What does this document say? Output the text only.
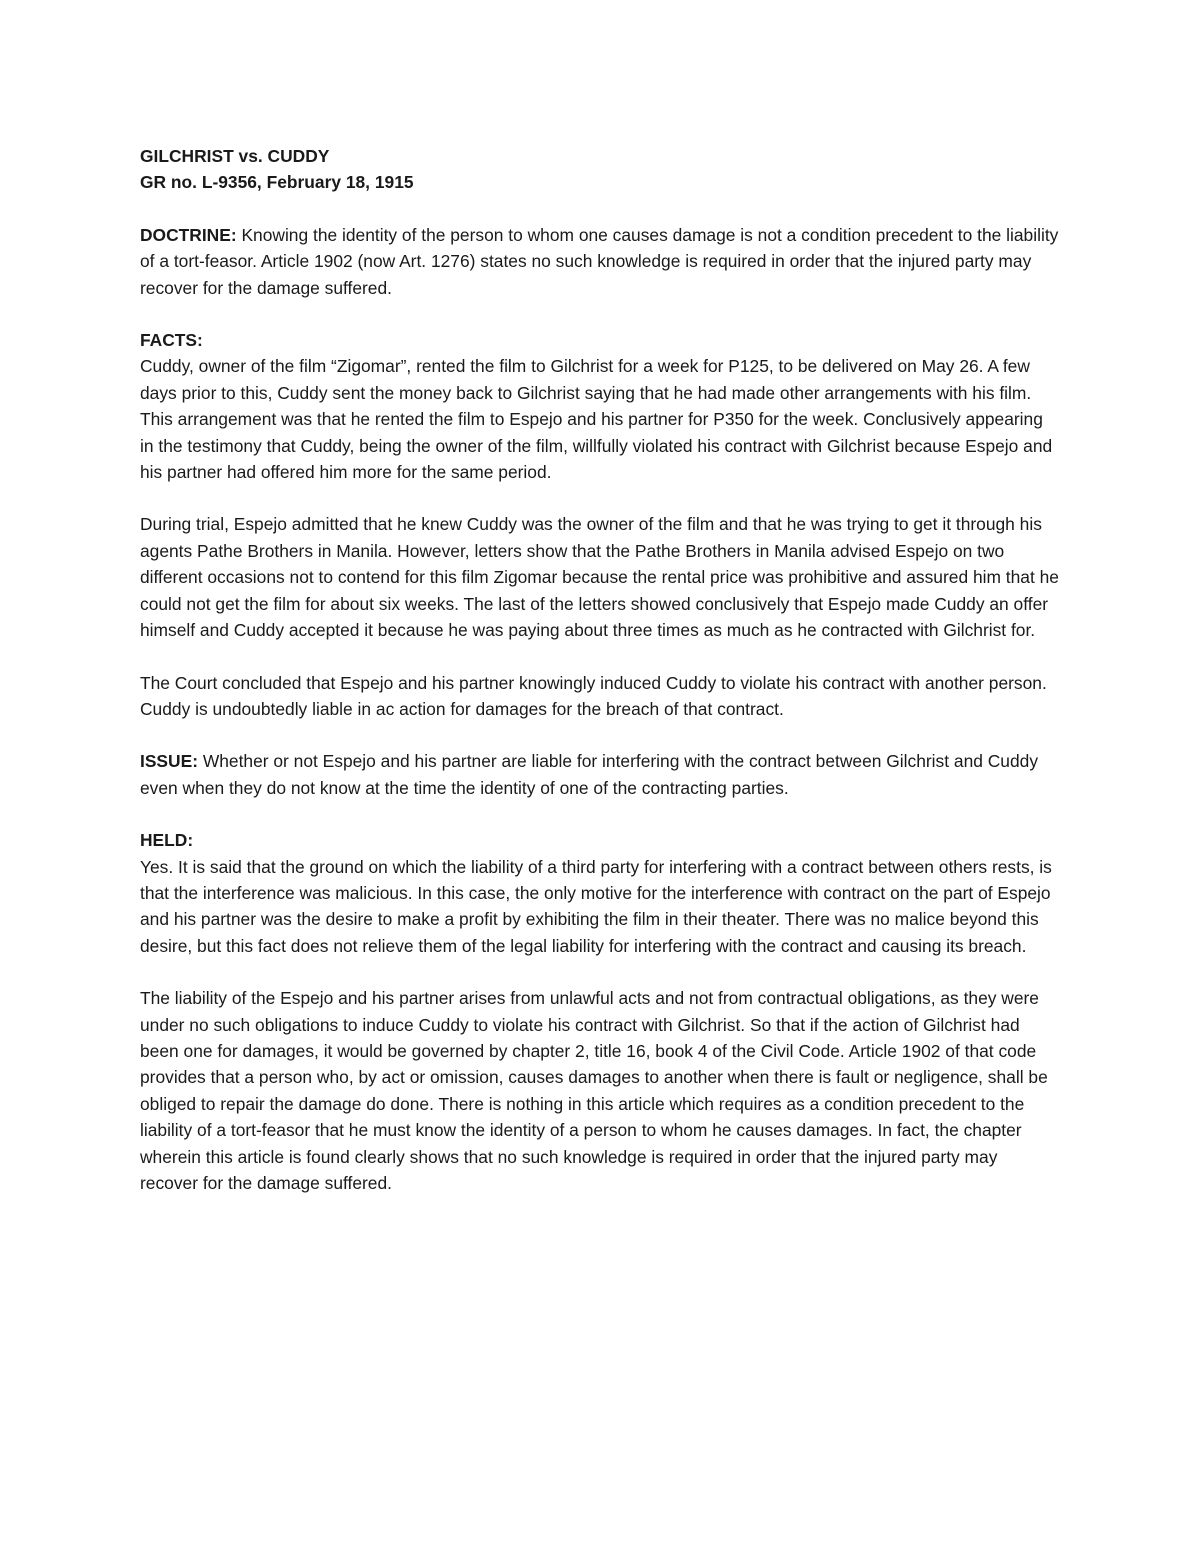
GILCHRIST vs. CUDDY
GR no. L-9356, February 18, 1915

DOCTRINE: Knowing the identity of the person to whom one causes damage is not a condition precedent to the liability of a tort-feasor. Article 1902 (now Art. 1276) states no such knowledge is required in order that the injured party may recover for the damage suffered.

FACTS:
Cuddy, owner of the film “Zigomar”, rented the film to Gilchrist for a week for P125, to be delivered on May 26. A few days prior to this, Cuddy sent the money back to Gilchrist saying that he had made other arrangements with his film. This arrangement was that he rented the film to Espejo and his partner for P350 for the week. Conclusively appearing in the testimony that Cuddy, being the owner of the film, willfully violated his contract with Gilchrist because Espejo and his partner had offered him more for the same period.

During trial, Espejo admitted that he knew Cuddy was the owner of the film and that he was trying to get it through his agents Pathe Brothers in Manila. However, letters show that the Pathe Brothers in Manila advised Espejo on two different occasions not to contend for this film Zigomar because the rental price was prohibitive and assured him that he could not get the film for about six weeks. The last of the letters showed conclusively that Espejo made Cuddy an offer himself and Cuddy accepted it because he was paying about three times as much as he contracted with Gilchrist for.

The Court concluded that Espejo and his partner knowingly induced Cuddy to violate his contract with another person. Cuddy is undoubtedly liable in ac action for damages for the breach of that contract.

ISSUE: Whether or not Espejo and his partner are liable for interfering with the contract between Gilchrist and Cuddy even when they do not know at the time the identity of one of the contracting parties.

HELD:
Yes. It is said that the ground on which the liability of a third party for interfering with a contract between others rests, is that the interference was malicious. In this case, the only motive for the interference with contract on the part of Espejo and his partner was the desire to make a profit by exhibiting the film in their theater. There was no malice beyond this desire, but this fact does not relieve them of the legal liability for interfering with the contract and causing its breach.

The liability of the Espejo and his partner arises from unlawful acts and not from contractual obligations, as they were under no such obligations to induce Cuddy to violate his contract with Gilchrist. So that if the action of Gilchrist had been one for damages, it would be governed by chapter 2, title 16, book 4 of the Civil Code. Article 1902 of that code provides that a person who, by act or omission, causes damages to another when there is fault or negligence, shall be obliged to repair the damage do done. There is nothing in this article which requires as a condition precedent to the liability of a tort-feasor that he must know the identity of a person to whom he causes damages. In fact, the chapter wherein this article is found clearly shows that no such knowledge is required in order that the injured party may recover for the damage suffered.
